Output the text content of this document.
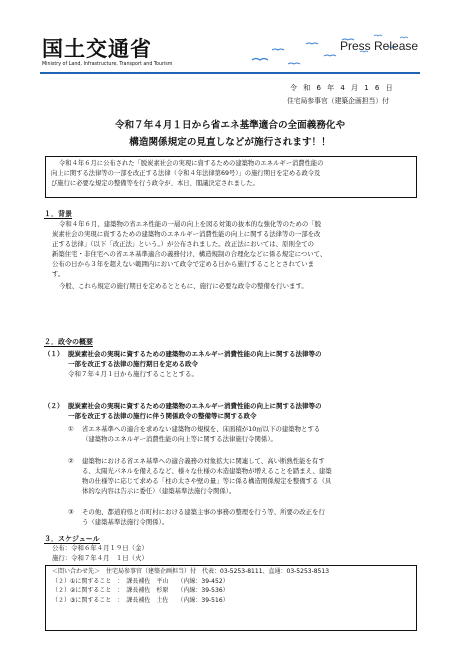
国土交通省
Ministry of Land, Infrastructure, Transport and Tourism
Press Release
令 和 6 年 4 月 1 6 日
住宅局参事官（建築企画担当）付
令和７年４月１日から省エネ基準適合の全面義務化や
構造関係規定の見直しなどが施行されます！！
令和４年６月に公布された「脱炭素社会の実現に資するための建築物のエネルギー消費性能の
向上に関する法律等の一部を改正する法律（令和４年法律第69号）」の施行期日を定める政令及
び施行に必要な規定の整備等を行う政令が、本日、閣議決定されました。
１．背景
令和４年６月、建築物の省エネ性能の一層の向上を図る対策の抜本的な強化等のための「脱
炭素社会の実現に資するための建築物のエネルギー消費性能の向上に関する法律等の一部を改
正する法律」（以下「改正法」という。）が公布されました。改正法においては、原則全ての
新築住宅・非住宅への省エネ基準適合の義務付け、構造規制の合理化などに係る規定について、
公布の日から３年を超えない範囲内において政令で定める日から施行することとされていま
す。
今般、これら規定の施行期日を定めるとともに、施行に必要な政令の整備を行います。
２．政令の概要
（１） 脱炭素社会の実現に資するための建築物のエネルギー消費性能の向上に関する法律等の
一部を改正する法律の施行期日を定める政令
令和７年４月１日から施行することとする。
（２） 脱炭素社会の実現に資するための建築物のエネルギー消費性能の向上に関する法律等の
一部を改正する法律の施行に伴う関係政令の整備等に関する政令
①	省エネ基準への適合を求めない建築物の規模を、床面積が10㎡以下の建築物とする
（建築物のエネルギー消費性能の向上等に関する法律施行令関係）。
②	建築物における省エネ基準への適合義務の対象拡大に関連して、高い断熱性能を有す
る、太陽光パネルを備えるなど、様々な仕様の木造建築物が増えることを踏まえ、建築
物の仕様等に応じて求める「柱の太さや壁の量」等に係る構造関係規定を整備する（具
体的な内容は告示に委任）（建築基準法施行令関係）。
③	その他、都道府県と市町村における建築主事の事務の整理を行う等、所要の改正を行
う（建築基準法施行令関係）。
３．スケジュール
公布：令和６年４月１９日（金）
施行：令和７年４月　１日（火）
＜問い合わせ先＞　住宅局参事官（建築企画担当）付　代表：03-5253-8111、直通：03-5253-8513
（２）①に関すること　：　課長補佐　平山　　（内線：39-452）
（２）②に関すること　：　課長補佐　杉原　　（内線：39-536）
（２）③に関すること　：　課長補佐　土佐　　（内線：39-516）
